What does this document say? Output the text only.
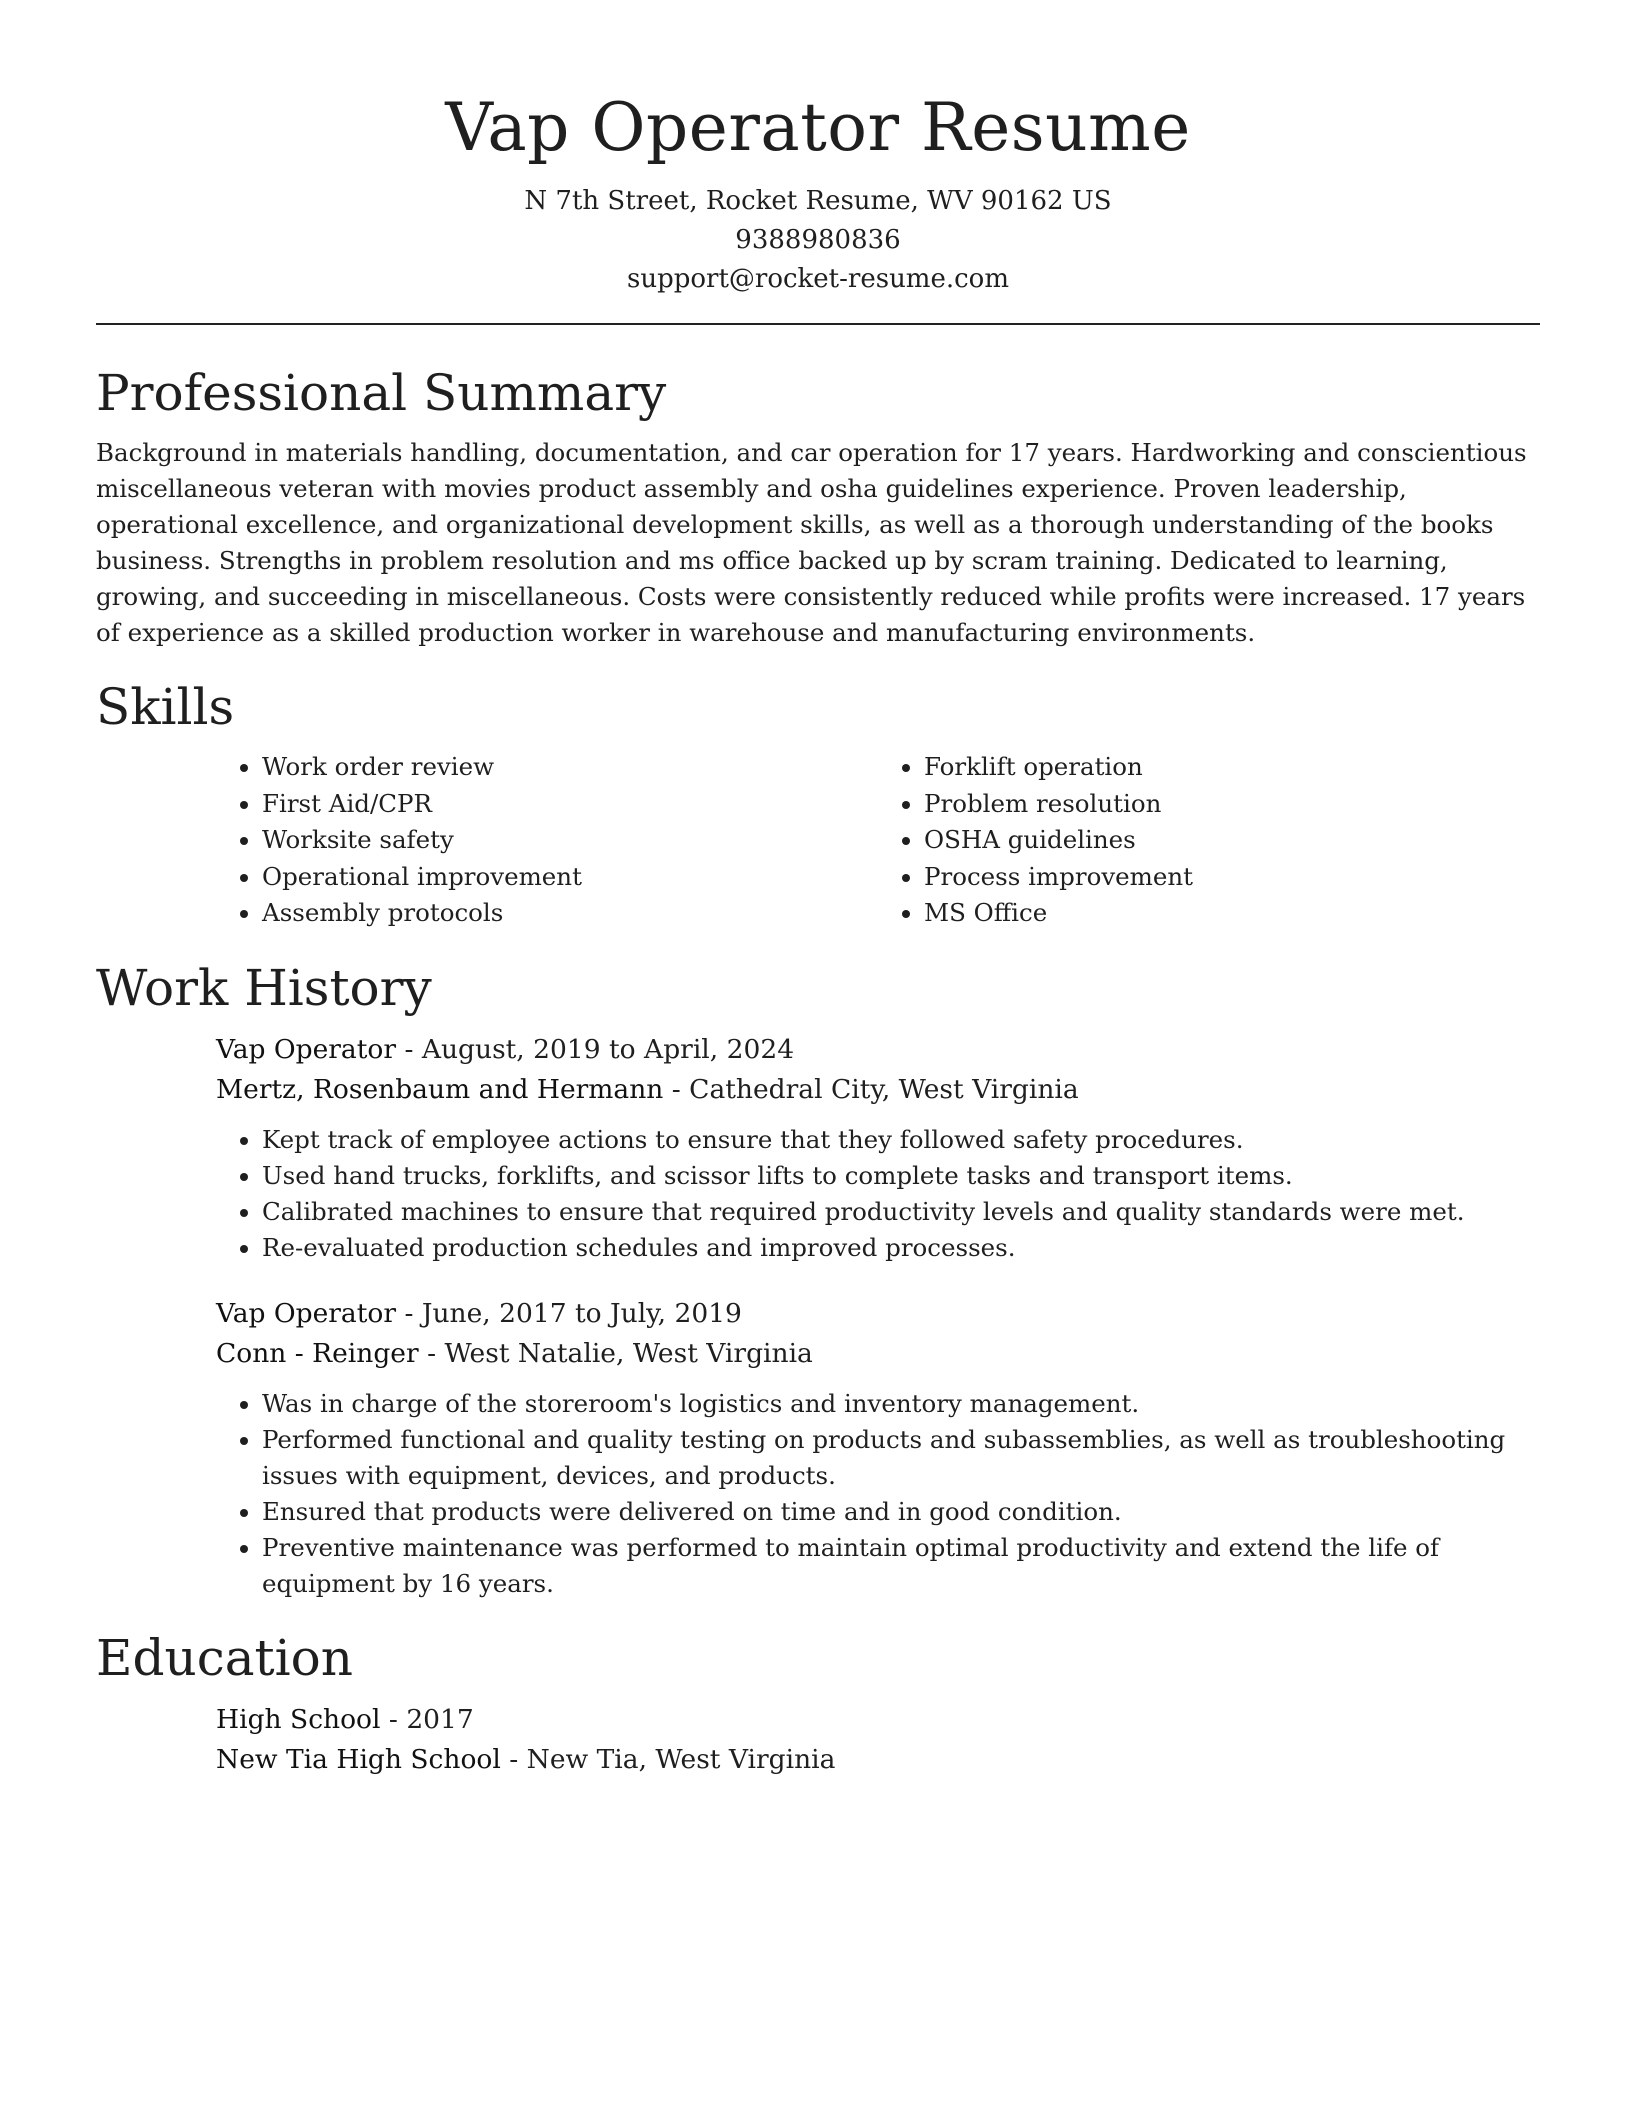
Vap Operator Resume
N 7th Street, Rocket Resume, WV 90162 US
9388980836
support@rocket-resume.com
Professional Summary

Background in materials handling, documentation, and car operation for 17 years. Hardworking and conscientious miscellaneous veteran with movies product assembly and osha guidelines experience. Proven leadership, operational excellence, and organizational development skills, as well as a thorough understanding of the books business. Strengths in problem resolution and ms office backed up by scram training. Dedicated to learning, growing, and succeeding in miscellaneous. Costs were consistently reduced while profits were increased. 17 years of experience as a skilled production worker in warehouse and manufacturing environments.

Skills
• Work order review
• First Aid/CPR
• Worksite safety
• Operational improvement
• Assembly protocols
• Forklift operation
• Problem resolution
• OSHA guidelines
• Process improvement
• MS Office
Work History
Vap Operator - August, 2019 to April, 2024
Mertz, Rosenbaum and Hermann - Cathedral City, West Virginia
• Kept track of employee actions to ensure that they followed safety procedures.
• Used hand trucks, forklifts, and scissor lifts to complete tasks and transport items.
• Calibrated machines to ensure that required productivity levels and quality standards were met.
• Re-evaluated production schedules and improved processes.
Vap Operator - June, 2017 to July, 2019
Conn - Reinger - West Natalie, West Virginia
• Was in charge of the storeroom's logistics and inventory management.
• Performed functional and quality testing on products and subassemblies, as well as troubleshooting issues with equipment, devices, and products.
• Ensured that products were delivered on time and in good condition.
• Preventive maintenance was performed to maintain optimal productivity and extend the life of equipment by 16 years.
Education
High School - 2017
New Tia High School - New Tia, West Virginia
